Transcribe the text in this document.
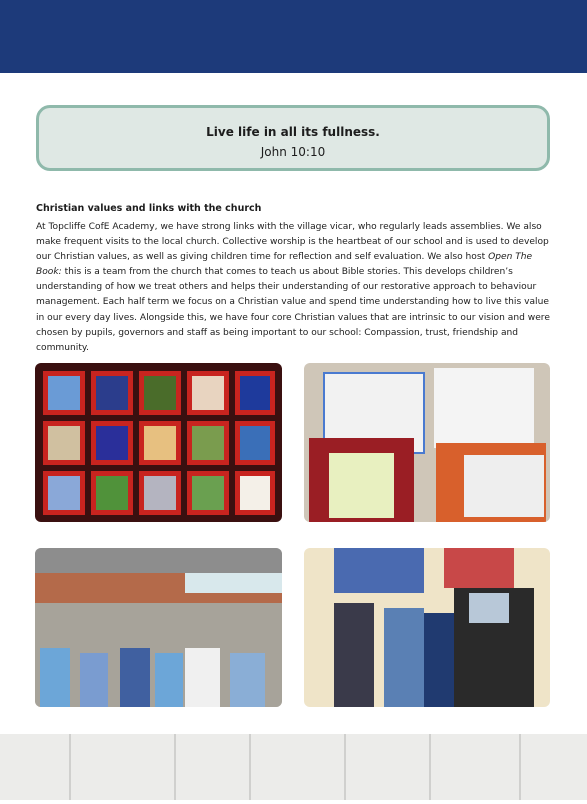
Live life in all its fullness.
John 10:10
Christian values and links with the church

At Topcliffe CofE Academy, we have strong links with the village vicar, who regularly leads assemblies. We also make frequent visits to the local church. Collective worship is the heartbeat of our school and is used to develop our Christian values, as well as giving children time for reflection and self evaluation. We also host Open The Book: this is a team from the church that comes to teach us about Bible stories. This develops children’s understanding of how we treat others and helps their understanding of our restorative approach to behaviour management. Each half term we focus on a Christian value and spend time understanding how to live this value in our every day lives. Alongside this, we have four core Christian values that are intrinsic to our vision and were chosen by pupils, governors and staff as being important to our school: Compassion, trust, friendship and community.
